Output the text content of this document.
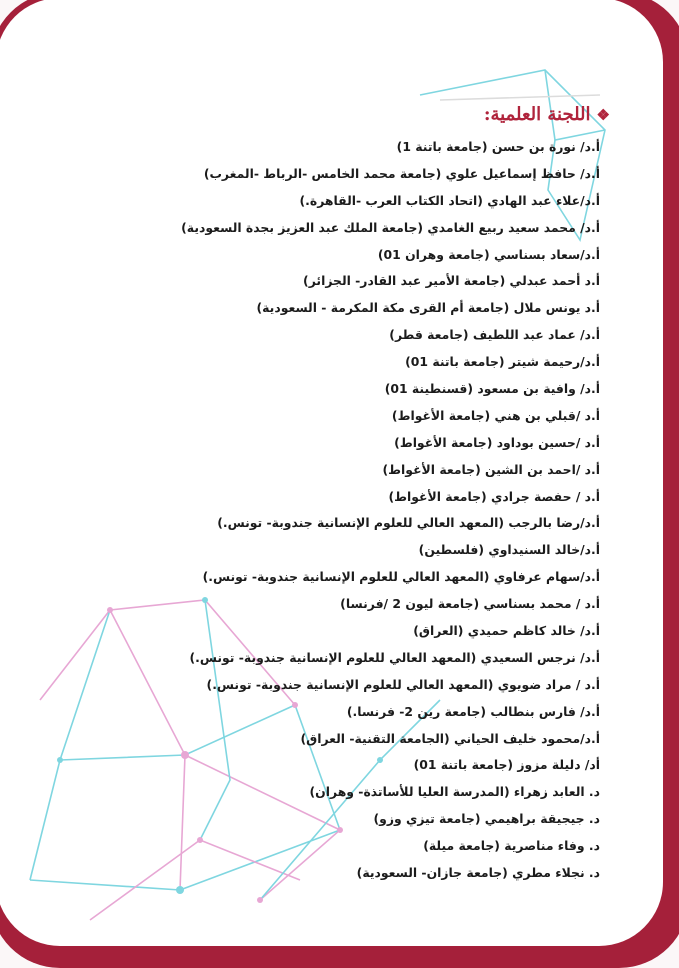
❖اللجنة العلمية:
أ.د/ نورة بن حسن (جامعة باتنة 1)
أ.د/ حافظ إسماعيل علوي (جامعة محمد الخامس -الرباط -المغرب)
أ.د/علاء عبد الهادي (اتحاد الكتاب العرب -القاهرة.)
أ.د/ محمد سعيد ربيع الغامدي (جامعة الملك عبد العزيز بجدة السعودية)
أ.د/سعاد بسناسي (جامعة وهران 01)
أ.د أحمد عبدلي (جامعة الأمير عبد القادر- الجزائر)
أ.د يونس ملال (جامعة أم القرى مكة المكرمة - السعودية)
أ.د/ عماد عبد اللطيف (جامعة قطر)
أ.د/رحيمة شيتر (جامعة باتنة 01)
أ.د/ وافية بن مسعود (قسنطينة 01)
أ.د /قبلي بن هني (جامعة الأغواط)
أ.د /حسين بوداود (جامعة الأغواط)
أ.د /احمد بن الشين (جامعة الأغواط)
أ.د / حفصة جرادي (جامعة الأغواط)
أ.د/رضا بالرجب (المعهد العالي للعلوم الإنسانية جندوبة- تونس.)
أ.د/خالد السنيداوي (فلسطين)
أ.د/سهام عرفاوي (المعهد العالي للعلوم الإنسانية جندوبة- تونس.)
أ.د / محمد بسناسي (جامعة ليون 2 /فرنسا)
أ.د/ خالد كاظم حميدي (العراق)
أ.د/ نرجس السعيدي (المعهد العالي للعلوم الإنسانية جندوبة- تونس.)
أ.د / مراد ضويوي (المعهد العالي للعلوم الإنسانية جندوبة- تونس.)
أ.د/ فارس بنطالب (جامعة رين 2- فرنسا.)
أ.د/محمود خليف الحياني (الجامعة التقنية- العراق)
أد/ دليلة مزوز (جامعة باتنة 01)
د. العابد زهراء (المدرسة العليا للأساتذة- وهران)
د. جيجيقة براهيمي (جامعة تيزي وزو)
د. وفاء مناصرية (جامعة ميلة)
د. نجلاء مطري (جامعة جازان- السعودية)
